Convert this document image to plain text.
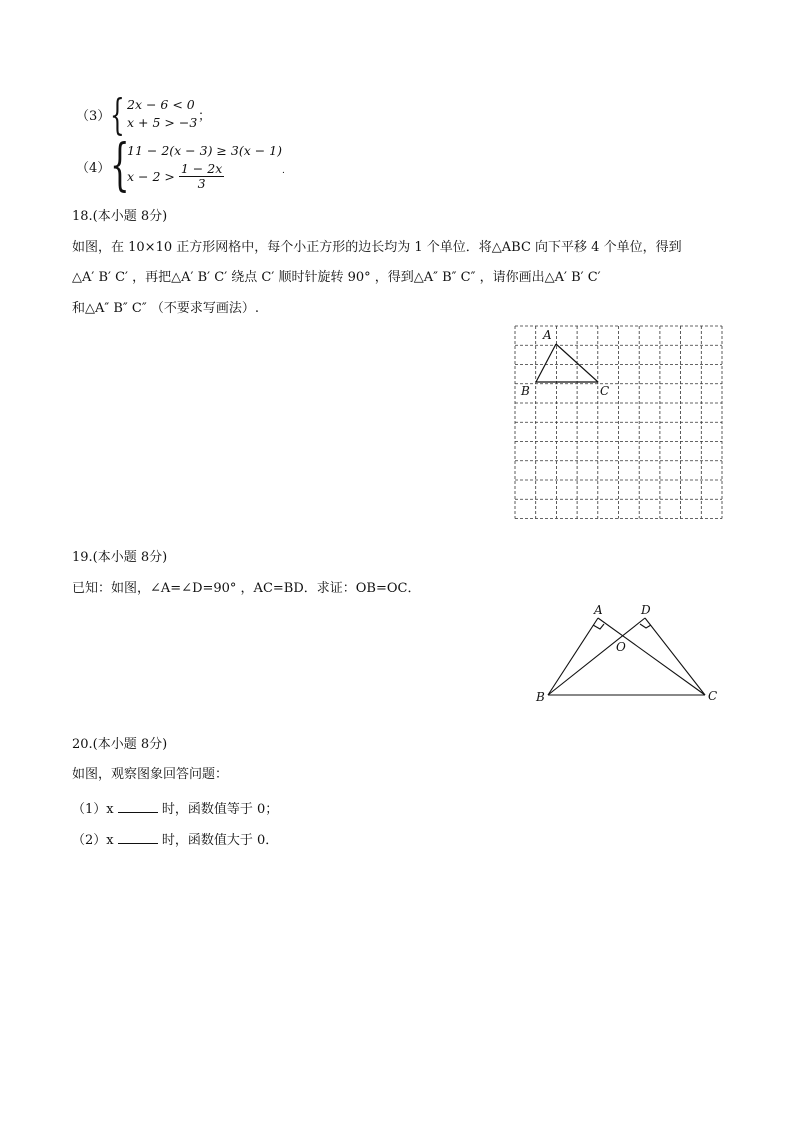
（3） { 2x − 6 < 0
x + 5 > −3 ；
（4） {
11 − 2(x − 3) ≥ 3(x − 1)
$x - 2 > \frac{1 - 2x}{3}$	.
18.(本小题 8分)
如图，在 10×10 正方形网格中，每个小正方形的边长均为 1 个单位．将△ABC 向下平移 4 个单位，得到
△A′ B′ C′ ，再把△A′ B′ C′ 绕点 C′ 顺时针旋转 90° ，得到△A″ B″ C″ ，请你画出△A′ B′ C′
和△A″ B″ C″ （不要求写画法）.
A
B	C
19.(本小题 8分)
已知：如图，∠A=∠D=90° ，AC=BD．求证：OB=OC．
A	D
O
B	C
20.(本小题 8分)
如图，观察图象回答问题：
（1）x	时，函数值等于 0；
（2）x	时，函数值大于 0．
